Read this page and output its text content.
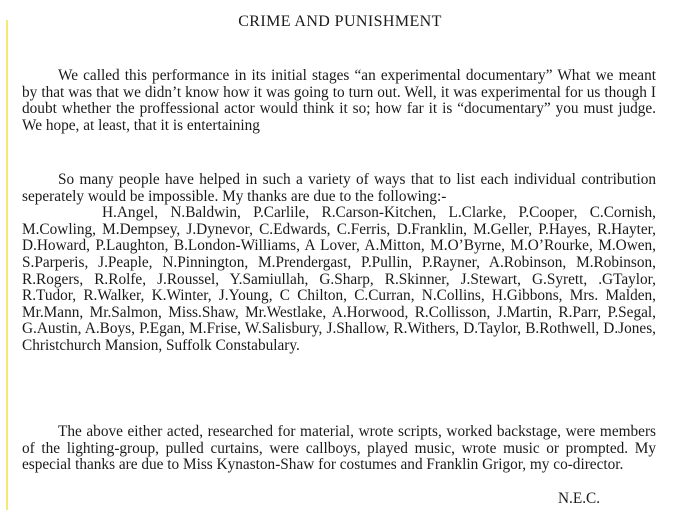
CRIME AND PUNISHMENT

We called this performance in its initial stages “an experimental documentary” What we meant by that was that we didn’t know how it was going to turn out. Well, it was experimental for us though I doubt whether the proffessional actor would think it so; how far it is “documentary” you must judge. We hope, at least, that it is entertaining

So many people have helped in such a variety of ways that to list each individual contribution seperately would be impossible. My thanks are due to the following:-
H.Angel, N.Baldwin, P.Carlile, R.Carson-Kitchen, L.Clarke, P.Cooper, C.Cornish, M.Cowling, M.Dempsey, J.Dynevor, C.Edwards, C.Ferris, D.Franklin, M.Geller, P.Hayes, R.Hayter, D.Howard, P.Laughton, B.London-Williams, A Lover, A.Mitton, M.O’Byrne, M.O’Rourke, M.Owen, S.Parperis, J.Peaple, N.Pinnington, M.Prendergast, P.Pullin, P.Rayner, A.Robinson, M.Robinson, R.Rogers, R.Rolfe, J.Roussel, Y.Samiullah, G.Sharp, R.Skinner, J.Stewart, G.Syrett, .GTaylor, R.Tudor, R.Walker, K.Winter, J.Young, C Chilton, C.Curran, N.Collins, H.Gibbons, Mrs. Malden, Mr.Mann, Mr.Salmon, Miss.Shaw, Mr.Westlake, A.Horwood, R.Collisson, J.Martin, R.Parr, P.Segal, G.Austin, A.Boys, P.Egan, M.Frise, W.Salisbury, J.Shallow, R.Withers, D.Taylor, B.Rothwell, D.Jones, Christchurch Mansion, Suffolk Constabulary.

The above either acted, researched for material, wrote scripts, worked backstage, were members of the lighting-group, pulled curtains, were callboys, played music, wrote music or prompted. My especial thanks are due to Miss Kynaston-Shaw for costumes and Franklin Grigor, my co-director.

N.E.C.
